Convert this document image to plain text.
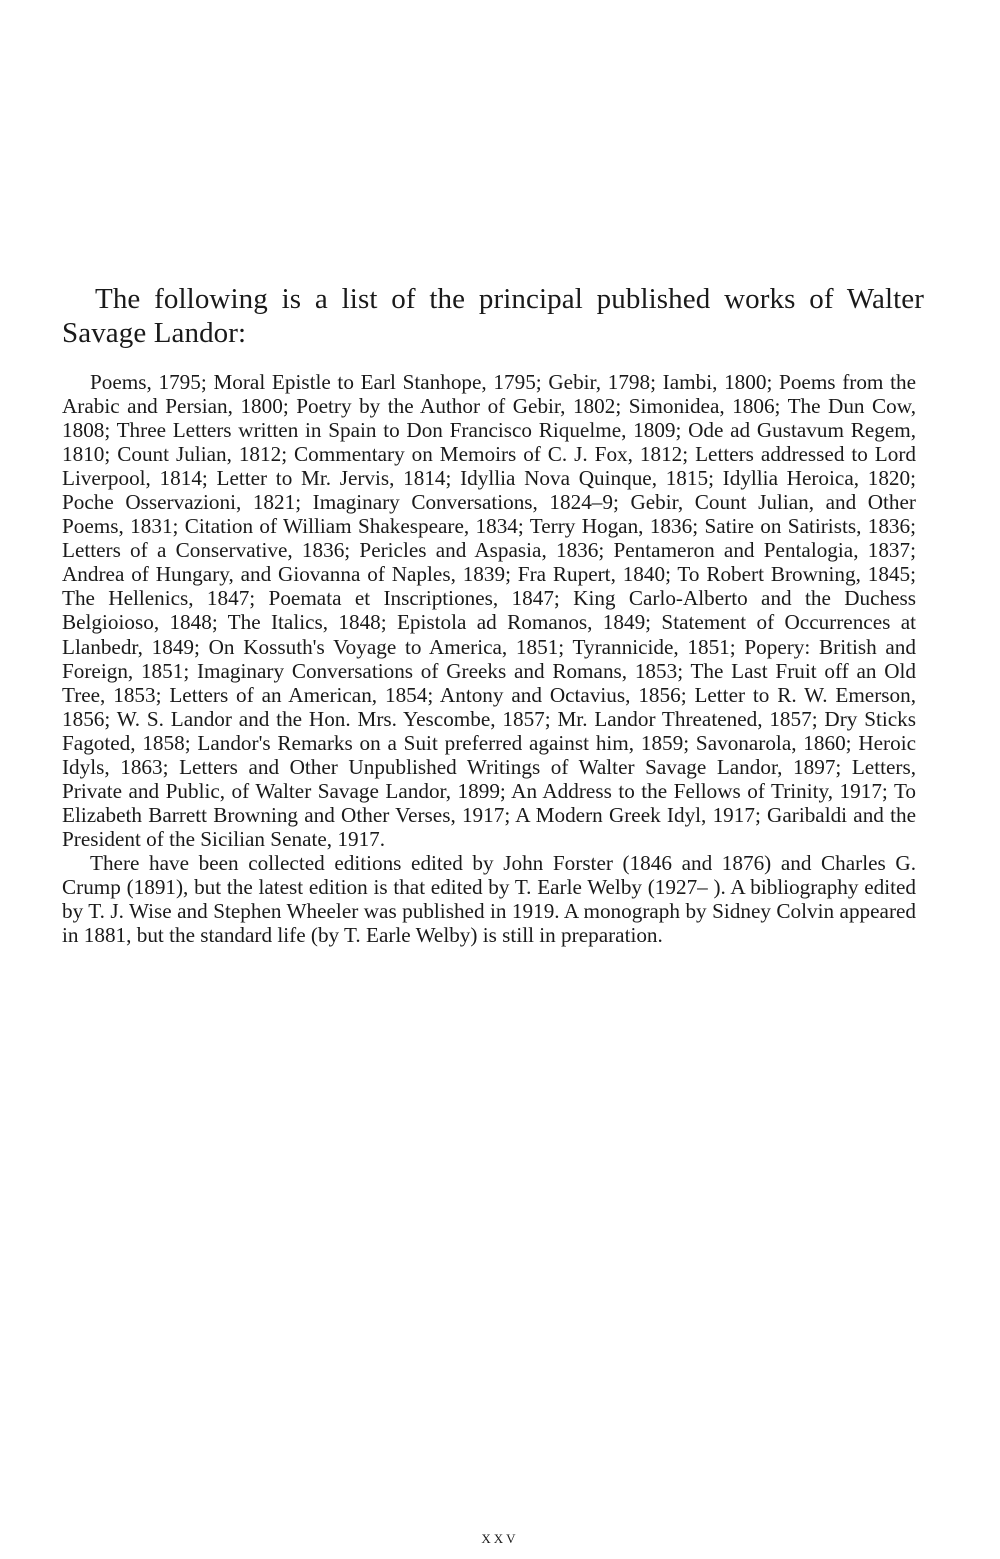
The following is a list of the principal published works of Walter Savage Landor:

Poems, 1795; Moral Epistle to Earl Stanhope, 1795; Gebir, 1798; Iambi, 1800; Poems from the Arabic and Persian, 1800; Poetry by the Author of Gebir, 1802; Simonidea, 1806; The Dun Cow, 1808; Three Letters written in Spain to Don Francisco Riquelme, 1809; Ode ad Gustavum Regem, 1810; Count Julian, 1812; Commentary on Memoirs of C. J. Fox, 1812; Letters addressed to Lord Liverpool, 1814; Letter to Mr. Jervis, 1814; Idyllia Nova Quinque, 1815; Idyllia Heroica, 1820; Poche Osservazioni, 1821; Imaginary Conversations, 1824–9; Gebir, Count Julian, and Other Poems, 1831; Citation of William Shakespeare, 1834; Terry Hogan, 1836; Satire on Satirists, 1836; Letters of a Conservative, 1836; Pericles and Aspasia, 1836; Pentameron and Pentalogia, 1837; Andrea of Hungary, and Giovanna of Naples, 1839; Fra Rupert, 1840; To Robert Browning, 1845; The Hellenics, 1847; Poemata et Inscriptiones, 1847; King Carlo-Alberto and the Duchess Belgioioso, 1848; The Italics, 1848; Epistola ad Romanos, 1849; Statement of Occurrences at Llanbedr, 1849; On Kossuth's Voyage to America, 1851; Tyrannicide, 1851; Popery: British and Foreign, 1851; Imaginary Conversations of Greeks and Romans, 1853; The Last Fruit off an Old Tree, 1853; Letters of an American, 1854; Antony and Octavius, 1856; Letter to R. W. Emerson, 1856; W. S. Landor and the Hon. Mrs. Yescombe, 1857; Mr. Landor Threatened, 1857; Dry Sticks Fagoted, 1858; Landor's Remarks on a Suit preferred against him, 1859; Savonarola, 1860; Heroic Idyls, 1863; Letters and Other Unpublished Writings of Walter Savage Landor, 1897; Letters, Private and Public, of Walter Savage Landor, 1899; An Address to the Fellows of Trinity, 1917; To Elizabeth Barrett Browning and Other Verses, 1917; A Modern Greek Idyl, 1917; Garibaldi and the President of the Sicilian Senate, 1917.

There have been collected editions edited by John Forster (1846 and 1876) and Charles G. Crump (1891), but the latest edition is that edited by T. Earle Welby (1927– ). A bibliography edited by T. J. Wise and Stephen Wheeler was published in 1919. A monograph by Sidney Colvin appeared in 1881, but the standard life (by T. Earle Welby) is still in preparation.

xxv
